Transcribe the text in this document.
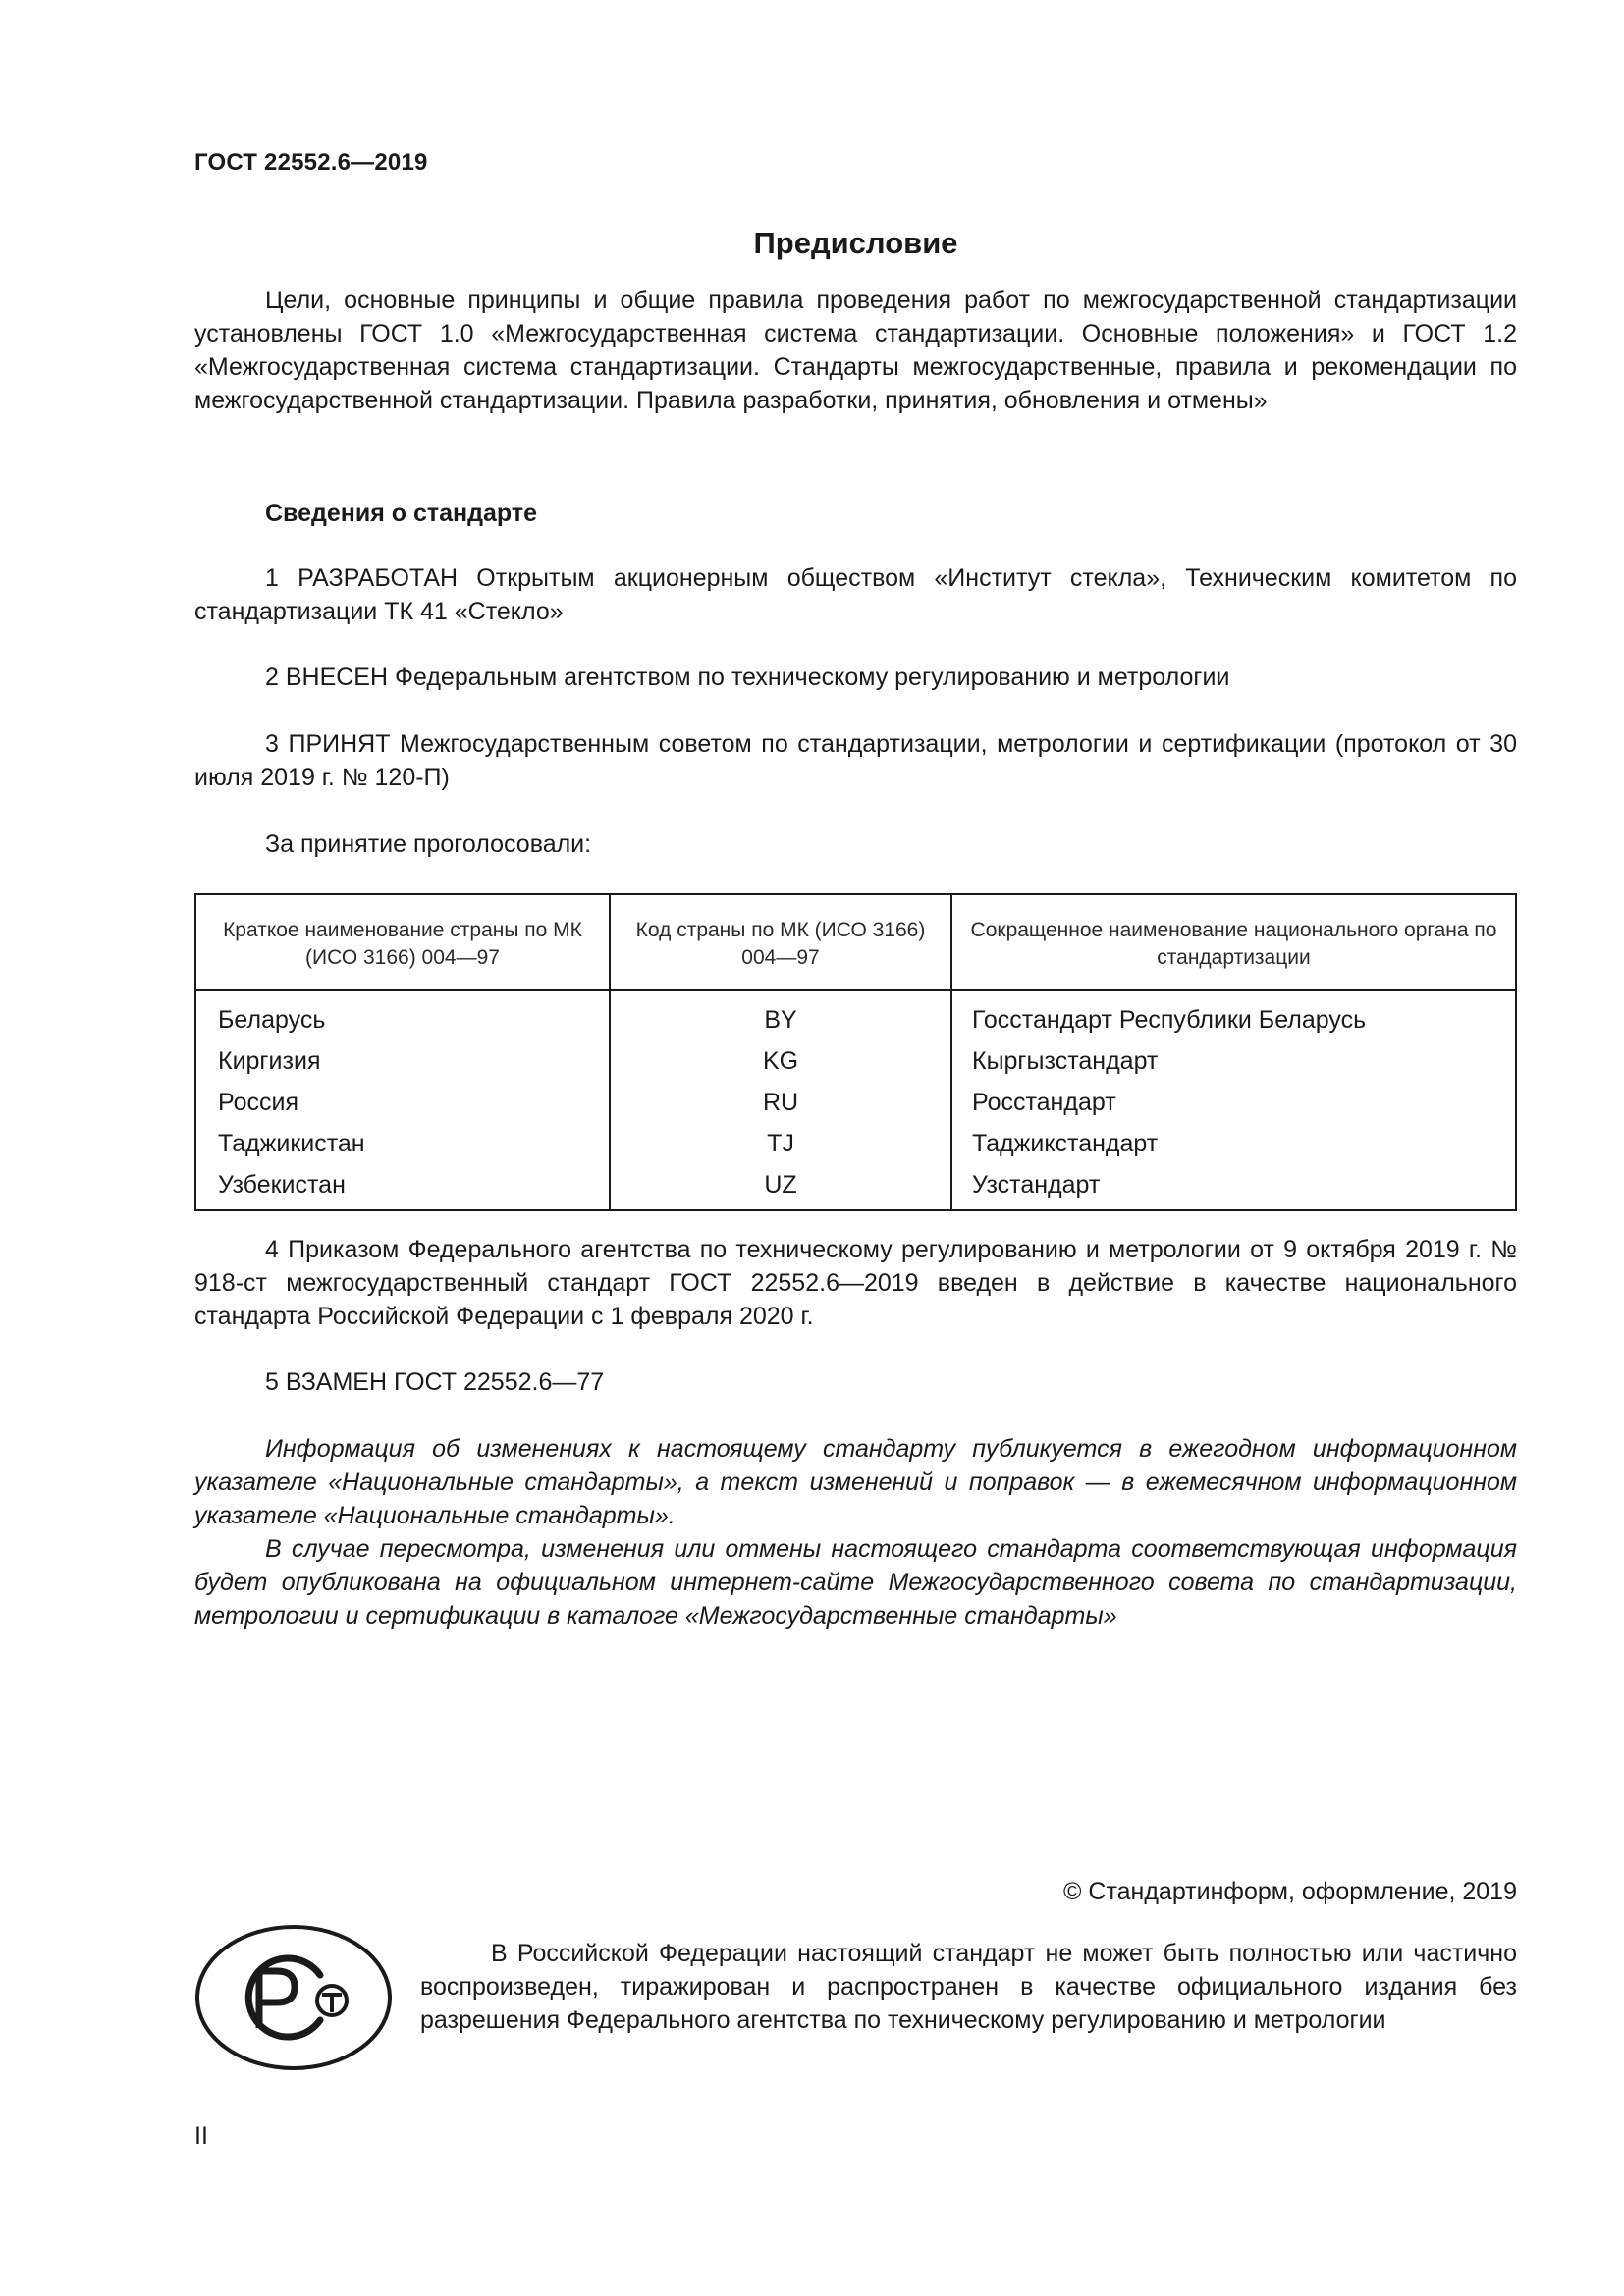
ГОСТ 22552.6—2019
Предисловие

Цели, основные принципы и общие правила проведения работ по межгосударственной стандартизации установлены ГОСТ 1.0 «Межгосударственная система стандартизации. Основные положения» и ГОСТ 1.2 «Межгосударственная система стандартизации. Стандарты межгосударственные, правила и рекомендации по межгосударственной стандартизации. Правила разработки, принятия, обновления и отмены»

Сведения о стандарте

1 РАЗРАБОТАН Открытым акционерным обществом «Институт стекла», Техническим комитетом по стандартизации ТК 41 «Стекло»

2 ВНЕСЕН Федеральным агентством по техническому регулированию и метрологии

3 ПРИНЯТ Межгосударственным советом по стандартизации, метрологии и сертификации (протокол от 30 июля 2019 г. № 120-П)

За принятие проголосовали:

Краткое наименование страны по МК (ИСО 3166) 004—97	Код страны по МК (ИСО 3166) 004—97	Сокращенное наименование национального органа по стандартизации
Беларусь	BY	Госстандарт Республики Беларусь
Киргизия	KG	Кыргызстандарт
Россия	RU	Росстандарт
Таджикистан	TJ	Таджикстандарт
Узбекистан	UZ	Узстандарт

4 Приказом Федерального агентства по техническому регулированию и метрологии от 9 октября 2019 г. № 918-ст межгосударственный стандарт ГОСТ 22552.6—2019 введен в действие в качестве национального стандарта Российской Федерации с 1 февраля 2020 г.

5 ВЗАМЕН ГОСТ 22552.6—77

Информация об изменениях к настоящему стандарту публикуется в ежегодном информационном указателе «Национальные стандарты», а текст изменений и поправок — в ежемесячном информационном указателе «Национальные стандарты».

В случае пересмотра, изменения или отмены настоящего стандарта соответствующая информация будет опубликована на официальном интернет-сайте Межгосударственного совета по стандартизации, метрологии и сертификации в каталоге «Межгосударственные стандарты»

© Стандартинформ, оформление, 2019

В Российской Федерации настоящий стандарт не может быть полностью или частично воспроизведен, тиражирован и распространен в качестве официального издания без разрешения Федерального агентства по техническому регулированию и метрологии

II
